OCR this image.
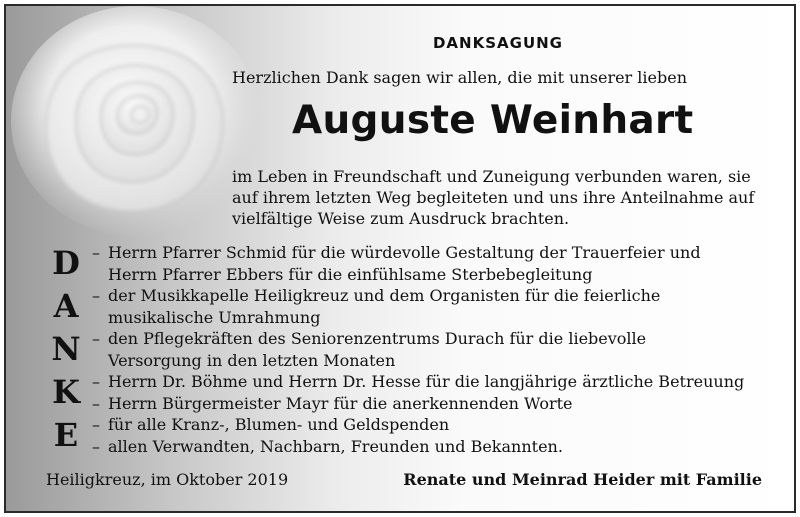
DANKSAGUNG
Herzlichen Dank sagen wir allen, die mit unserer lieben
Auguste Weinhart

im Leben in Freundschaft und Zuneigung verbunden waren, sie
auf ihrem letzten Weg begleiteten und uns ihre Anteilnahme auf
vielfältige Weise zum Ausdruck brachten.

D
A
N
K
E
– Herrn Pfarrer Schmid für die würdevolle Gestaltung der Trauerfeier und
Herrn Pfarrer Ebbers für die einfühlsame Sterbebegleitung
– der Musikkapelle Heiligkreuz und dem Organisten für die feierliche
musikalische Umrahmung
– den Pflegekräften des Seniorenzentrums Durach für die liebevolle
Versorgung in den letzten Monaten
– Herrn Dr. Böhme und Herrn Dr. Hesse für die langjährige ärztliche Betreuung
– Herrn Bürgermeister Mayr für die anerkennenden Worte
– für alle Kranz-, Blumen- und Geldspenden
– allen Verwandten, Nachbarn, Freunden und Bekannten.
Heiligkreuz, im Oktober 2019	Renate und Meinrad Heider mit Familie
